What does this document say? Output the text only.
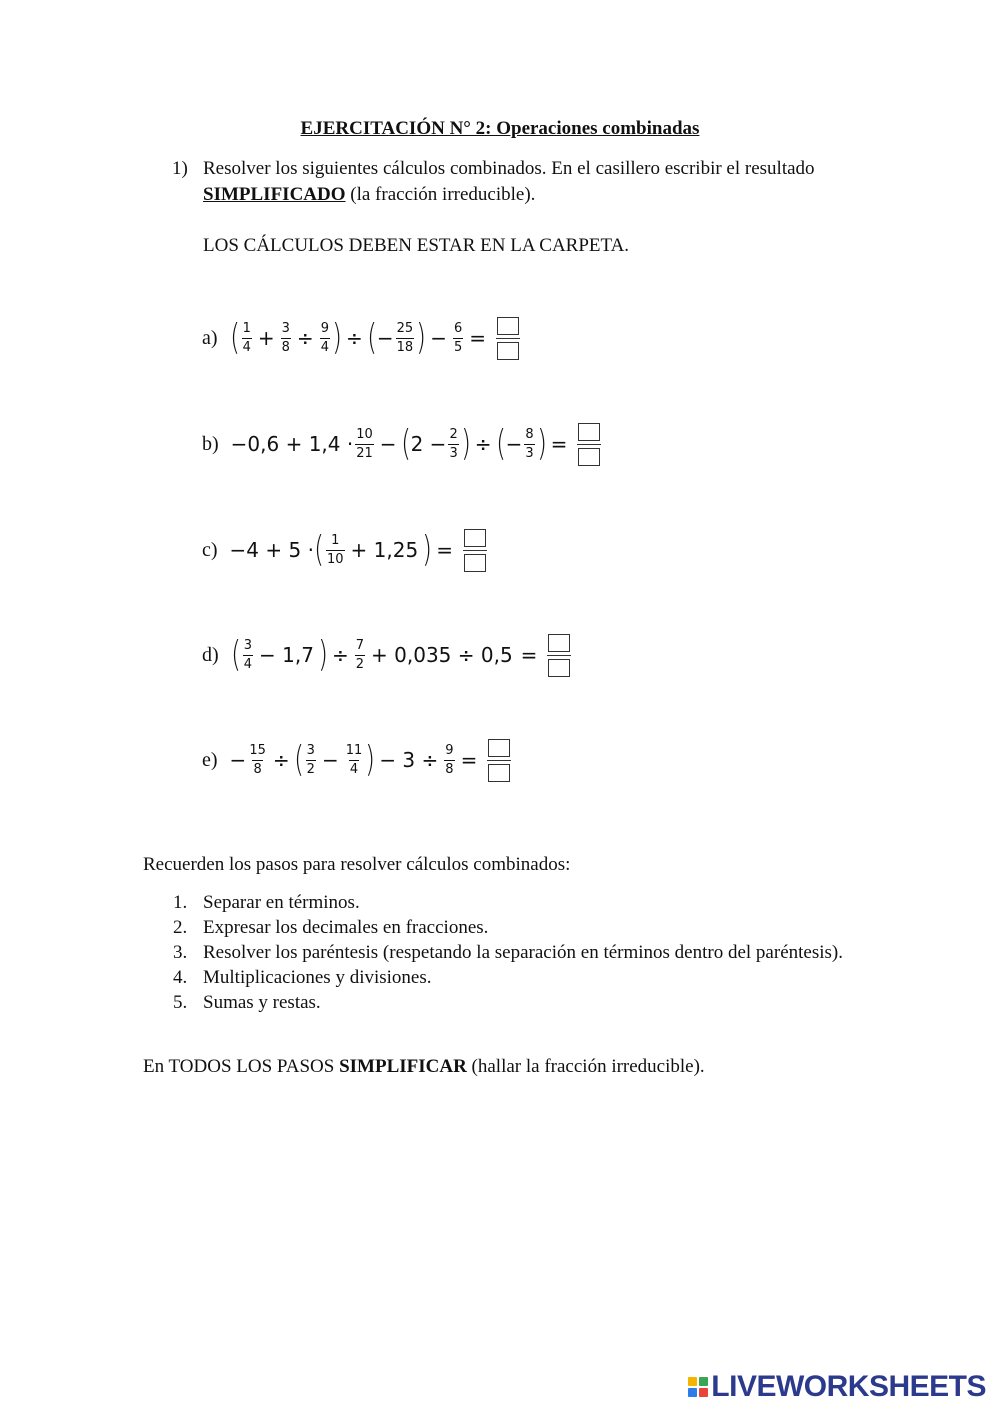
EJERCITACIÓN N° 2: Operaciones combinadas
1) Resolver los siguientes cálculos combinados. En el casillero escribir el resultado
SIMPLIFICADO (la fracción irreducible).
LOS CÁLCULOS DEBEN ESTAR EN LA CARPETA.
a) ( $\frac{1}{4} + \frac{3}{8} \div \frac{9}{4}$ ) ÷ ( − $\frac{25}{18}$ ) − $\frac{6}{5}$ =
$b) -0,6 + 1,4 \cdot \frac{10}{21}$ − ( $2 - \frac{2}{3}$ ) ÷ ( − $\frac{8}{3}$ ) =
c) −4 + 5 · ( $\frac{1}{10} + 1,25$ ) =
d) ( $\frac{3}{4} - 1,7$ ) ÷ $\frac{7}{2} + 0,035 \div 0,5$ =
$e) - \frac{15}{8}$ ÷ ( $\frac{3}{2} - \frac{11}{4}$ ) − $3 \div \frac{9}{8}$ =
Recuerden los pasos para resolver cálculos combinados:
1. Separar en términos.
2. Expresar los decimales en fracciones.
3. Resolver los paréntesis (respetando la separación en términos dentro del paréntesis).
4. Multiplicaciones y divisiones.
5. Sumas y restas.
En TODOS LOS PASOS SIMPLIFICAR (hallar la fracción irreducible).
LIVEWORKSHEETS
